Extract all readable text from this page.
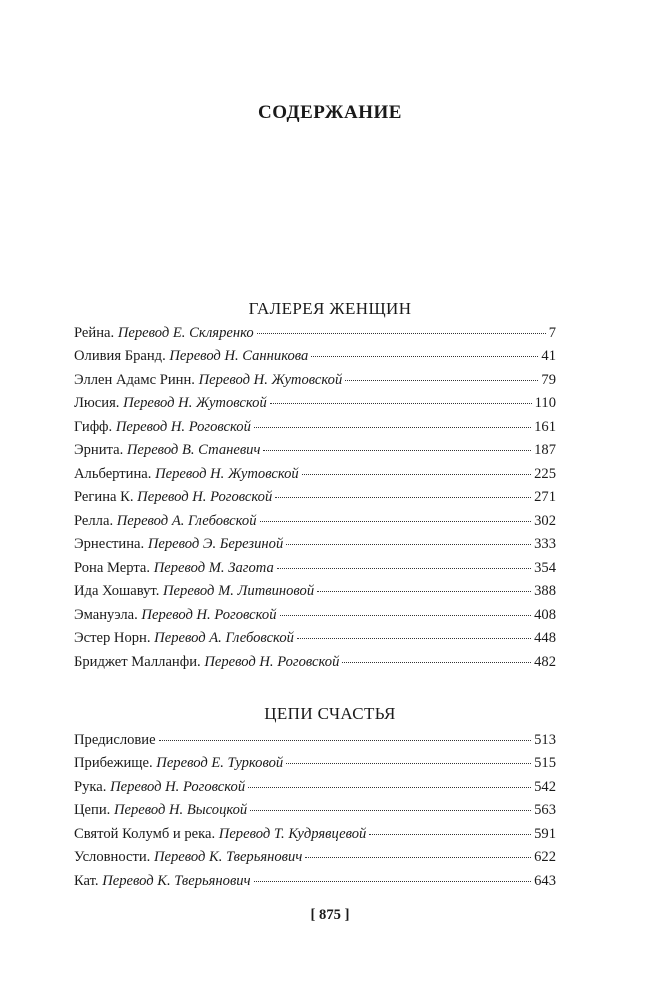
СОДЕРЖАНИЕ
ГАЛЕРЕЯ ЖЕНЩИН
Рейна. Перевод Е. Скляренко	7
Оливия Бранд. Перевод Н. Санникова	41
Эллен Адамс Ринн. Перевод Н. Жутовской	79
Люсия. Перевод Н. Жутовской	110
Гифф. Перевод Н. Роговской	161
Эрнита. Перевод В. Станевич	187
Альбертина. Перевод Н. Жутовской	225
Регина К. Перевод Н. Роговской	271
Релла. Перевод А. Глебовской	302
Эрнестина. Перевод Э. Березиной	333
Рона Мерта. Перевод М. Загота	354
Ида Хошавут. Перевод М. Литвиновой	388
Эмануэла. Перевод Н. Роговской	408
Эстер Норн. Перевод А. Глебовской	448
Бриджет Малланфи. Перевод Н. Роговской	482
ЦЕПИ СЧАСТЬЯ
Предисловие	513
Прибежище. Перевод Е. Турковой	515
Рука. Перевод Н. Роговской	542
Цепи. Перевод Н. Высоцкой	563
Святой Колумб и река. Перевод Т. Кудрявцевой	591
Условности. Перевод К. Тверьянович	622
Кат. Перевод К. Тверьянович	643
[ 875 ]
